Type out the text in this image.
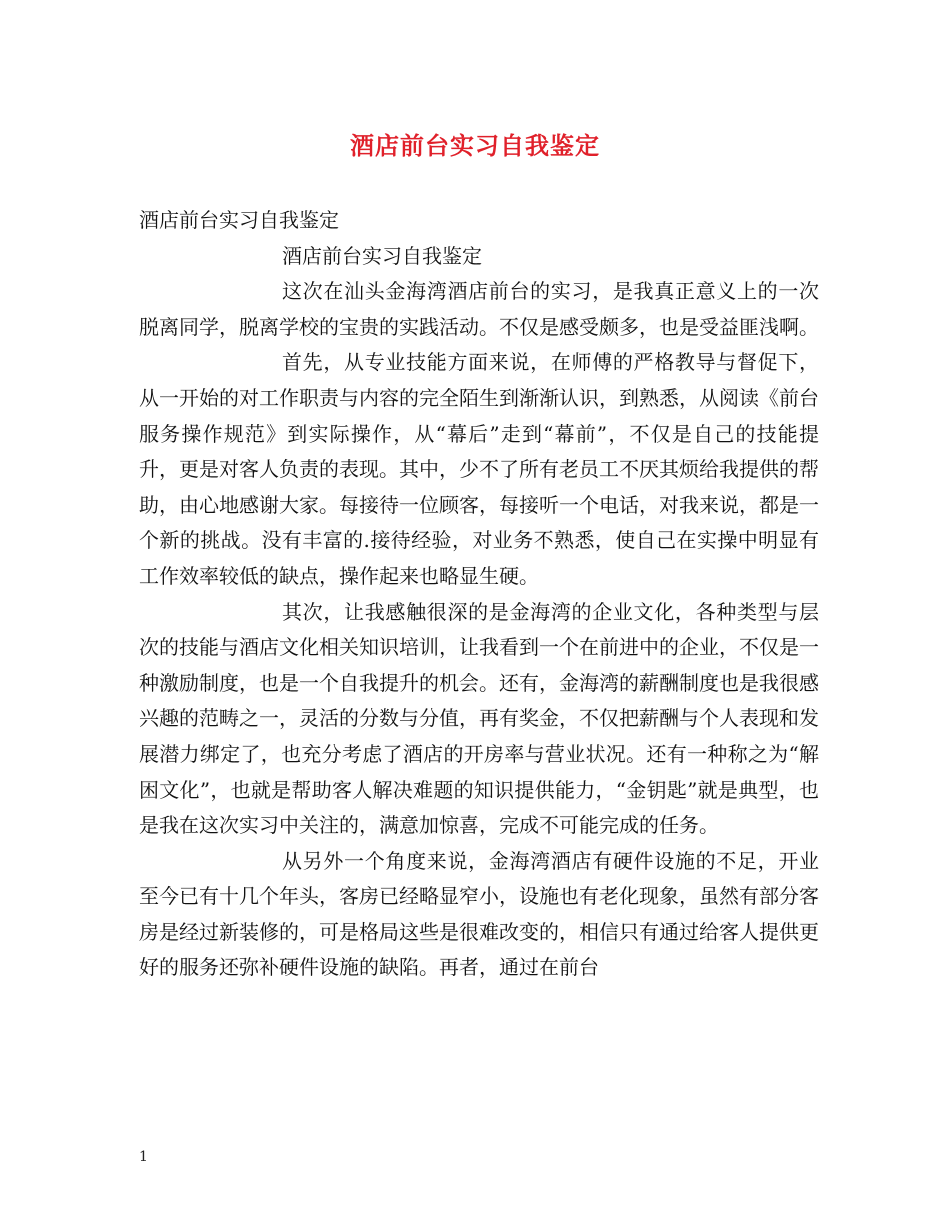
酒店前台实习自我鉴定

酒店前台实习自我鉴定

酒店前台实习自我鉴定

这次在汕头金海湾酒店前台的实习，是我真正意义上的一次脱离同学，脱离学校的宝贵的实践活动。不仅是感受颇多，也是受益匪浅啊。

首先，从专业技能方面来说，在师傅的严格教导与督促下，从一开始的对工作职责与内容的完全陌生到渐渐认识，到熟悉，从阅读《前台服务操作规范》到实际操作，从“幕后”走到“幕前”，不仅是自己的技能提升，更是对客人负责的表现。其中，少不了所有老员工不厌其烦给我提供的帮助，由心地感谢大家。每接待一位顾客，每接听一个电话，对我来说，都是一个新的挑战。没有丰富的.接待经验，对业务不熟悉，使自己在实操中明显有工作效率较低的缺点，操作起来也略显生硬。

其次，让我感触很深的是金海湾的企业文化，各种类型与层次的技能与酒店文化相关知识培训，让我看到一个在前进中的企业，不仅是一种激励制度，也是一个自我提升的机会。还有，金海湾的薪酬制度也是我很感兴趣的范畴之一，灵活的分数与分值，再有奖金，不仅把薪酬与个人表现和发展潜力绑定了，也充分考虑了酒店的开房率与营业状况。还有一种称之为“解困文化”，也就是帮助客人解决难题的知识提供能力，“金钥匙”就是典型，也是我在这次实习中关注的，满意加惊喜，完成不可能完成的任务。

从另外一个角度来说，金海湾酒店有硬件设施的不足，开业至今已有十几个年头，客房已经略显窄小，设施也有老化现象，虽然有部分客房是经过新装修的，可是格局这些是很难改变的，相信只有通过给客人提供更好的服务还弥补硬件设施的缺陷。再者，通过在前台

1
